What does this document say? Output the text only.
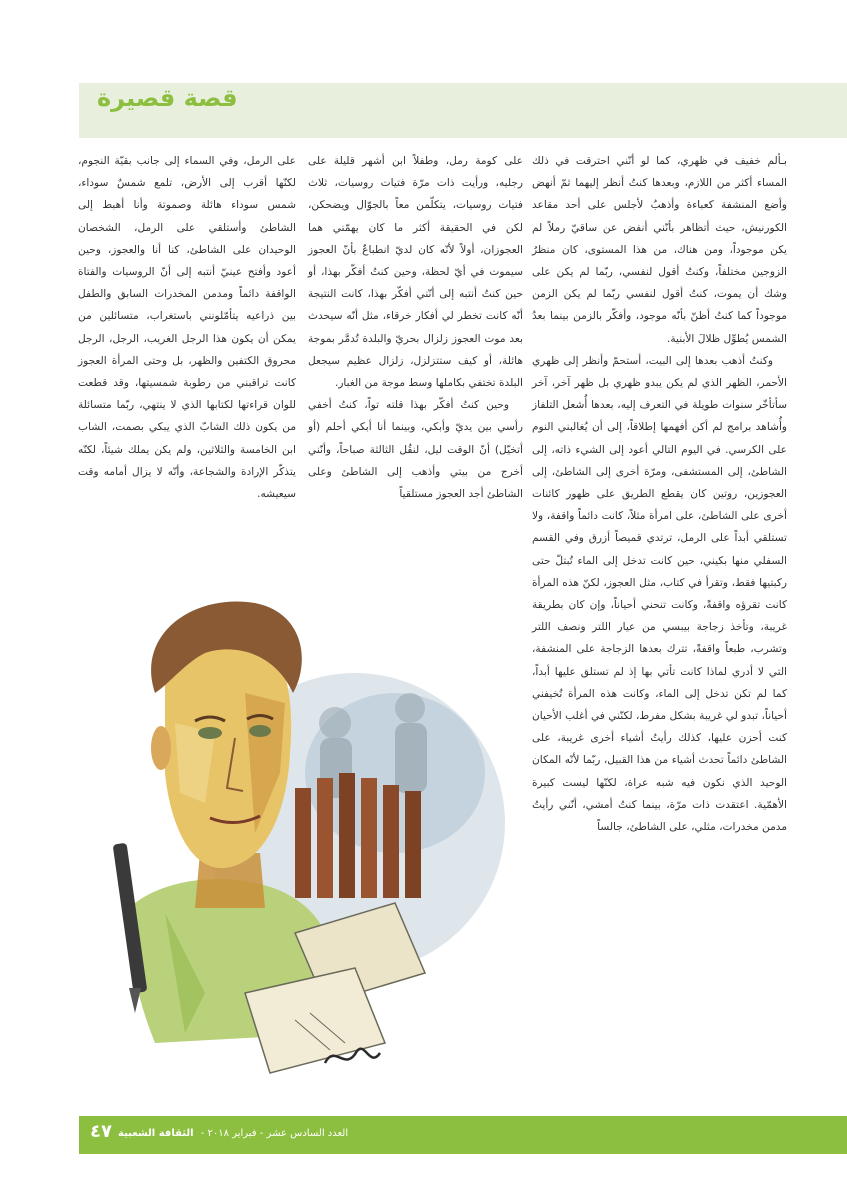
قصة قصيرة

بـألم خفيف في ظهري، كما لو أنّني احترقت في ذلك المساء أكثر من اللازم، وبعدها كنتُ أنظر إليهما ثمّ أنهض وأضع المنشفة كعباءة وأذهبُ لأجلس على أحد مقاعد الكورنيش، حيث أتظاهر بأنّني أنفض عن ساقيّ رملاً لم يكن موجوداً، ومن هناك، من هذا المستوى، كان منظرُ الزوجين مختلفاً، وكنتُ أقول لنفسي، ربّما لم يكن على وشك أن يموت، كنتُ أقول لنفسي ربّما لم يكن الزمن موجوداً كما كنتُ أظنّ بأنّه موجود، وأفكّر بالزمن بينما بعدُ الشمس يُطوِّل ظلالَ الأبنية.

وكنتُ أذهب بعدها إلى البيت، أستحمّ وأنظر إلى ظهري الأحمر، الظهر الذي لم يكن يبدو ظهري بل ظهر آخر، آخر سأتأخّر سنوات طويلة في التعرف إليه، بعدها أُشعل التلفاز وأُشاهد برامج لم أكن أفهمها إطلاقاً، إلى أن يُغالبني النوم على الكرسي. في اليوم التالي أعود إلى الشيء ذاته، إلى الشاطئ، إلى المستشفى، ومرّة أخرى إلى الشاطئ، إلى العجوزين، روتين كان يقطع الطريق على ظهور كائنات أخرى على الشاطئ، على امرأة مثلاً، كانت دائماً واقفة، ولا تستلقي أبداً على الرمل، ترتدي قميصاً أزرق وفي القسم السفلي منها بكيني، حين كانت تدخل إلى الماء تُبتلّ حتى ركبتيها فقط، وتقرأ في كتاب، مثل العجوز، لكنّ هذه المرأة كانت تقرؤه واقفةً، وكانت تنحني أحياناً، وإن كان بطريقة غريبة، وتأخذ زجاجة بيبسي من عيار اللتر ونصف اللتر وتشرب، طبعاً واقفةً، تترك بعدها الزجاجة على المنشفة، التي لا أدري لماذا كانت تأتي بها إذ لم تستلق عليها أبداً، كما لم تكن تدخل إلى الماء، وكانت هذه المرأة تُخيفني أحياناً، تبدو لي غريبة بشكل مفرط، لكنّني في أغلب الأحيان كنت أحزن عليها، كذلك رأيتُ أشياء أخرى غريبة، على الشاطئ دائماً تحدث أشياء من هذا القبيل، ربّما لأنّه المكان الوحيد الذي نكون فيه شبه عراة، لكنّها ليست كبيرة الأهمّية. اعتقدت ذات مرّة، بينما كنتُ أمشي، أنّني رأيتُ مدمن مخدرات، مثلي، على الشاطئ، جالساً

على كومة رمل، وطفلاً ابن أشهر قليلة على رجليه، ورأيت ذات مرّة فتيات روسيات، ثلاث فتيات روسيات، يتكلّمن معاً بالجوّال ويضحكن، لكن في الحقيقة أكثر ما كان يهمّني هما العجوزان، أولاً لأنّه كان لديّ انطباعٌ بأنّ العجوز سيموت في أيّ لحظة، وحين كنتُ أفكّر بهذا، أو حين كنتُ أنتبه إلى أنّني أفكّر بهذا، كانت النتيجة أنّه كانت تخطر لي أفكار خرقاء، مثل أنّه سيحدث بعد موت العجوز زلزال بحريّ والبلدة تُدمَّر بموجة هائلة، أو كيف ستتزلزل، زلزال عظيم سيجعل البلدة تختفي بكاملها وسط موجة من الغبار.

وحين كنتُ أفكّر بهذا قلته تواً، كنتُ أخفي رأسي بين يديّ وأبكي، وبينما أنا أبكي أحلم (أو أتخيّل) أنّ الوقت ليل، لنقُل الثالثة صباحاً، وأنّني أخرج من بيتي وأذهب إلى الشاطئ وعلى الشاطئ أجد العجوز مستلقياً

على الرمل، وفي السماء إلى جانب بقيّة النجوم، لكنّها أقرب إلى الأرض، تلمع شمسٌ سوداء، شمس سوداء هائلة وصموتة وأنا أهبط إلى الشاطئ وأستلقي على الرمل، الشخصان الوحيدان على الشاطئ، كنا أنا والعجوز، وحين أعود وأفتح عينيّ أنتبه إلى أنّ الروسيات والفتاة الواقفة دائماً ومدمن المخدرات السابق والطفل بين ذراعيه يتأمّلونني باستغراب، متسائلين من يمكن أن يكون هذا الرجل الغريب، الرجل، الرجل محروق الكتفين والظهر، بل وحتى المرأة العجوز كانت تراقبني من رطوبة شمسيتها، وقد قطعت للوان قراءتها لكتابها الذي لا ينتهي، ربّما متسائلة من يكون ذلك الشابّ الذي يبكي بصمت، الشاب ابن الخامسة والثلاثين، ولم يكن يملك شيئاً، لكنّه يتذكّر الإرادة والشجاعة، وأنّه لا يزال أمامه وقت سيعيشه.

٤٧	العدد السادس عشر - فبراير ٢٠١٨ - الثقافة الشعبية
